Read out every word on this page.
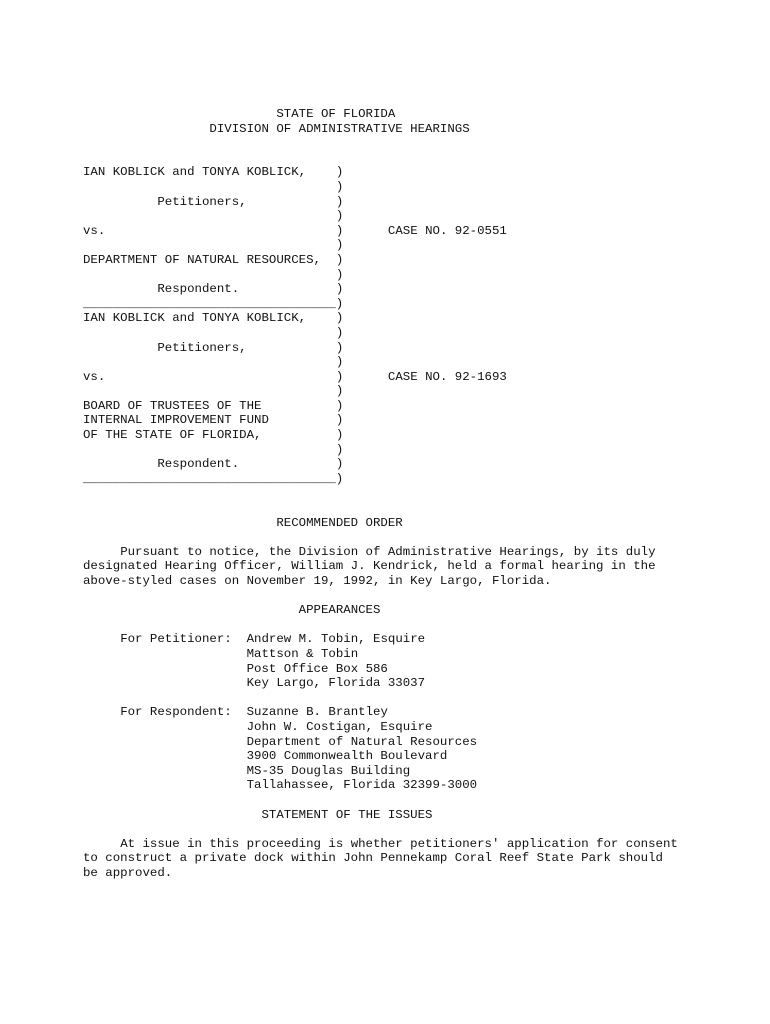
STATE OF FLORIDA
DIVISION OF ADMINISTRATIVE HEARINGS

IAN KOBLICK and TONYA KOBLICK, )
)
Petitioners,	)
)
vs.	)	CASE NO. 92-0551
)
DEPARTMENT OF NATURAL RESOURCES, )
)
Respondent.	)
__________________________________)
IAN KOBLICK and TONYA KOBLICK, )
)
Petitioners,	)
)
vs.	)	CASE NO. 92-1693
)
BOARD OF TRUSTEES OF THE	)
INTERNAL IMPROVEMENT FUND	)
OF THE STATE OF FLORIDA,	)
)
Respondent.	)
__________________________________)

RECOMMENDED ORDER

Pursuant to notice, the Division of Administrative Hearings, by its duly
designated Hearing Officer, William J. Kendrick, held a formal hearing in the
above-styled cases on November 19, 1992, in Key Largo, Florida.

APPEARANCES

For Petitioner: Andrew M. Tobin, Esquire
Mattson & Tobin
Post Office Box 586
Key Largo, Florida 33037

For Respondent: Suzanne B. Brantley
John W. Costigan, Esquire
Department of Natural Resources
3900 Commonwealth Boulevard
MS-35 Douglas Building
Tallahassee, Florida 32399-3000

STATEMENT OF THE ISSUES

At issue in this proceeding is whether petitioners' application for consent
to construct a private dock within John Pennekamp Coral Reef State Park should
be approved.
